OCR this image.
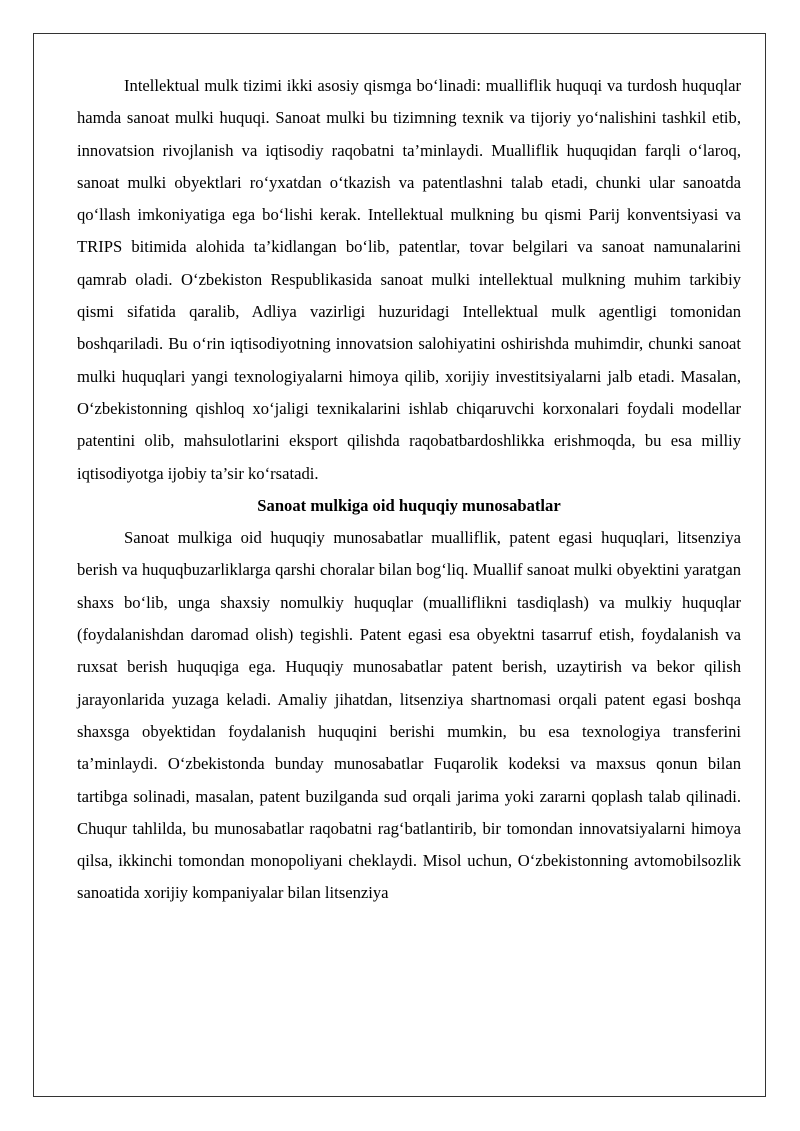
Intellektual mulk tizimi ikki asosiy qismga bo‘linadi: mualliflik huquqi va turdosh huquqlar hamda sanoat mulki huquqi. Sanoat mulki bu tizimning texnik va tijoriy yo‘nalishini tashkil etib, innovatsion rivojlanish va iqtisodiy raqobatni ta’minlaydi. Mualliflik huquqidan farqli o‘laroq, sanoat mulki obyektlari ro‘yxatdan o‘tkazish va patentlashni talab etadi, chunki ular sanoatda qo‘llash imkoniyatiga ega bo‘lishi kerak. Intellektual mulkning bu qismi Parij konventsiyasi va TRIPS bitimida alohida ta’kidlangan bo‘lib, patentlar, tovar belgilari va sanoat namunalarini qamrab oladi. O‘zbekiston Respublikasida sanoat mulki intellektual mulkning muhim tarkibiy qismi sifatida qaralib, Adliya vazirligi huzuridagi Intellektual mulk agentligi tomonidan boshqariladi. Bu o‘rin iqtisodiyotning innovatsion salohiyatini oshirishda muhimdir, chunki sanoat mulki huquqlari yangi texnologiyalarni himoya qilib, xorijiy investitsiyalarni jalb etadi. Masalan, O‘zbekistonning qishloq xo‘jaligi texnikalarini ishlab chiqaruvchi korxonalari foydali modellar patentini olib, mahsulotlarini eksport qilishda raqobatbardoshlikka erishmoqda, bu esa milliy iqtisodiyotga ijobiy ta’sir ko‘rsatadi.

Sanoat mulkiga oid huquqiy munosabatlar

Sanoat mulkiga oid huquqiy munosabatlar mualliflik, patent egasi huquqlari, litsenziya berish va huquqbuzarliklarga qarshi choralar bilan bog‘liq. Muallif sanoat mulki obyektini yaratgan shaxs bo‘lib, unga shaxsiy nomulkiy huquqlar (mualliflikni tasdiqlash) va mulkiy huquqlar (foydalanishdan daromad olish) tegishli. Patent egasi esa obyektni tasarruf etish, foydalanish va ruxsat berish huquqiga ega. Huquqiy munosabatlar patent berish, uzaytirish va bekor qilish jarayonlarida yuzaga keladi. Amaliy jihatdan, litsenziya shartnomasi orqali patent egasi boshqa shaxsga obyektidan foydalanish huquqini berishi mumkin, bu esa texnologiya transferini ta’minlaydi. O‘zbekistonda bunday munosabatlar Fuqarolik kodeksi va maxsus qonun bilan tartibga solinadi, masalan, patent buzilganda sud orqali jarima yoki zararni qoplash talab qilinadi. Chuqur tahlilda, bu munosabatlar raqobatni rag‘batlantirib, bir tomondan innovatsiyalarni himoya qilsa, ikkinchi tomondan monopoliyani cheklaydi. Misol uchun, O‘zbekistonning avtomobilsozlik sanoatida xorijiy kompaniyalar bilan litsenziya
